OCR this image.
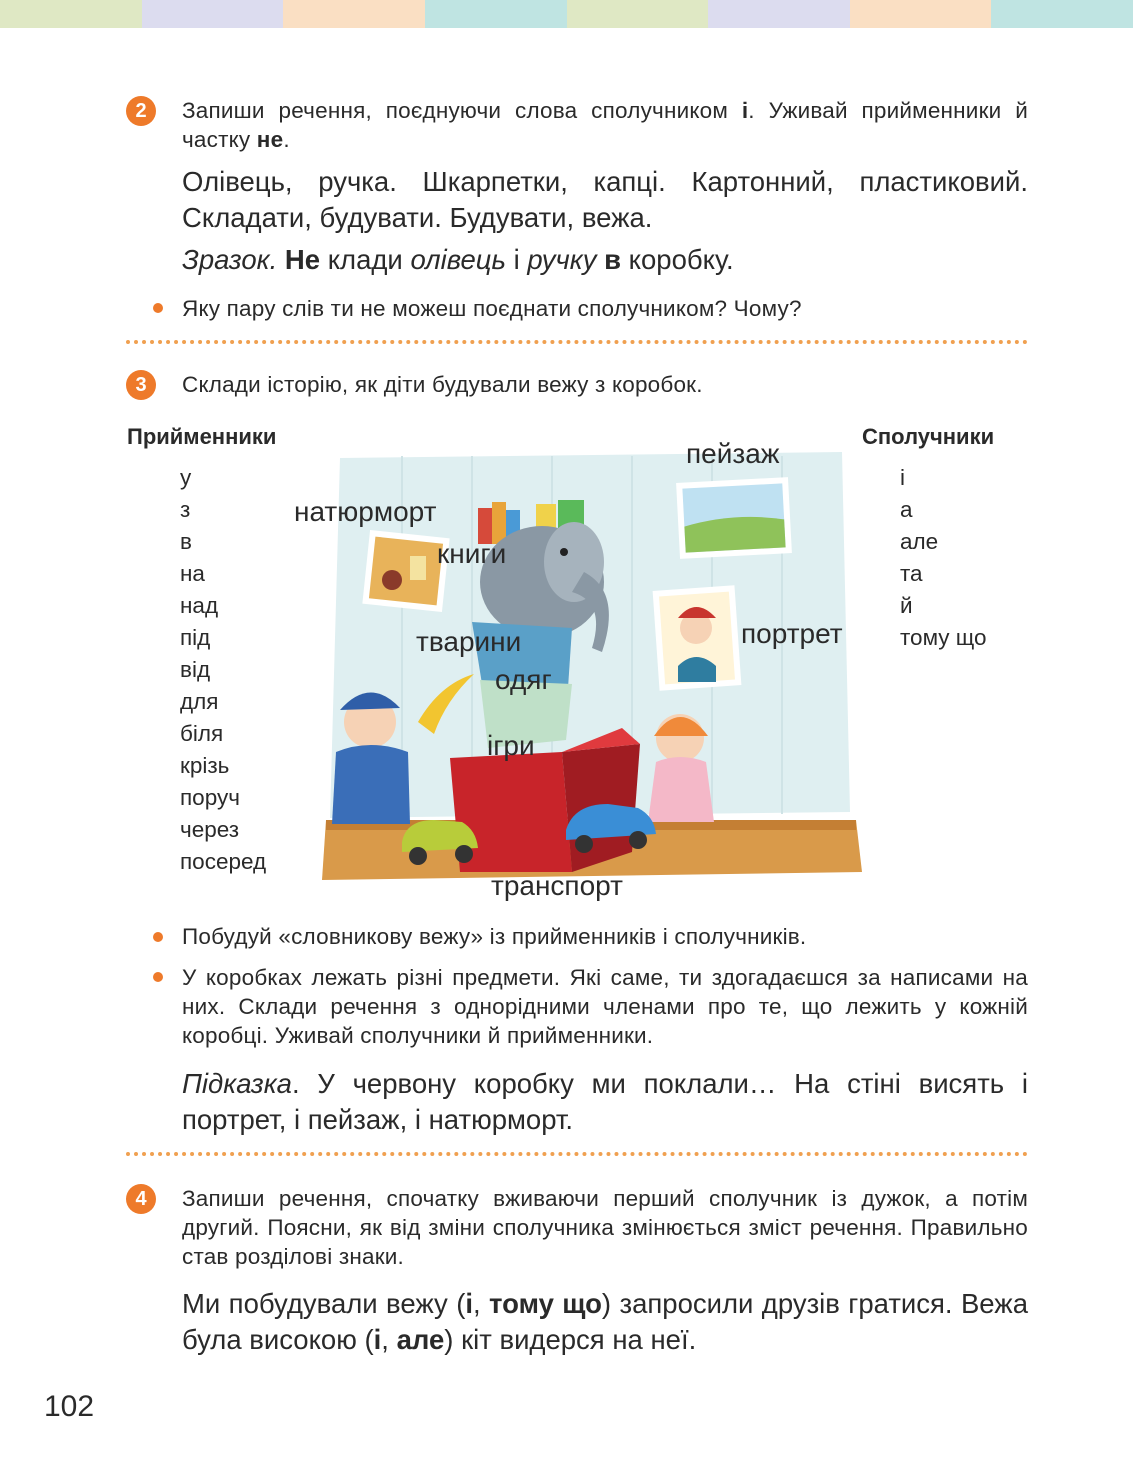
2	Запиши речення, поєднуючи слова сполучником і. Уживай прийменники й частку не.
Олівець, ручка. Шкарпетки, капці. Картонний, пластиковий. Складати, будувати. Будувати, вежа.
Зразок. Не клади олівець і ручку в коробку.
Яку пару слів ти не можеш поєднати сполучником? Чому?
3	Склади історію, як діти будували вежу з коробок.
Прийменники	Сполучники
у
з
в
на
над
під
від
для
біля
крізь
поруч
через
посеред
і
а
але
та
й
тому що
пейзаж
натюрморт
книги
тварини	портрет
одяг
ігри
транспорт
Побудуй «словникову вежу» із прийменників і сполучників.
У коробках лежать різні предмети. Які саме, ти здогадаєшся за написами на них. Склади речення з однорідними членами про те, що лежить у кожній коробці. Уживай сполучники й прийменники.
Підказка. У червону коробку ми поклали… На стіні висять і портрет, і пейзаж, і натюрморт.
4	Запиши речення, спочатку вживаючи перший сполучник із дужок, а потім другий. Поясни, як від зміни сполучника змінюється зміст речення. Правильно став розділові знаки.
Ми побудували вежу (і, тому що) запросили друзів гратися. Вежа була високою (і, але) кіт видерся на неї.
102
